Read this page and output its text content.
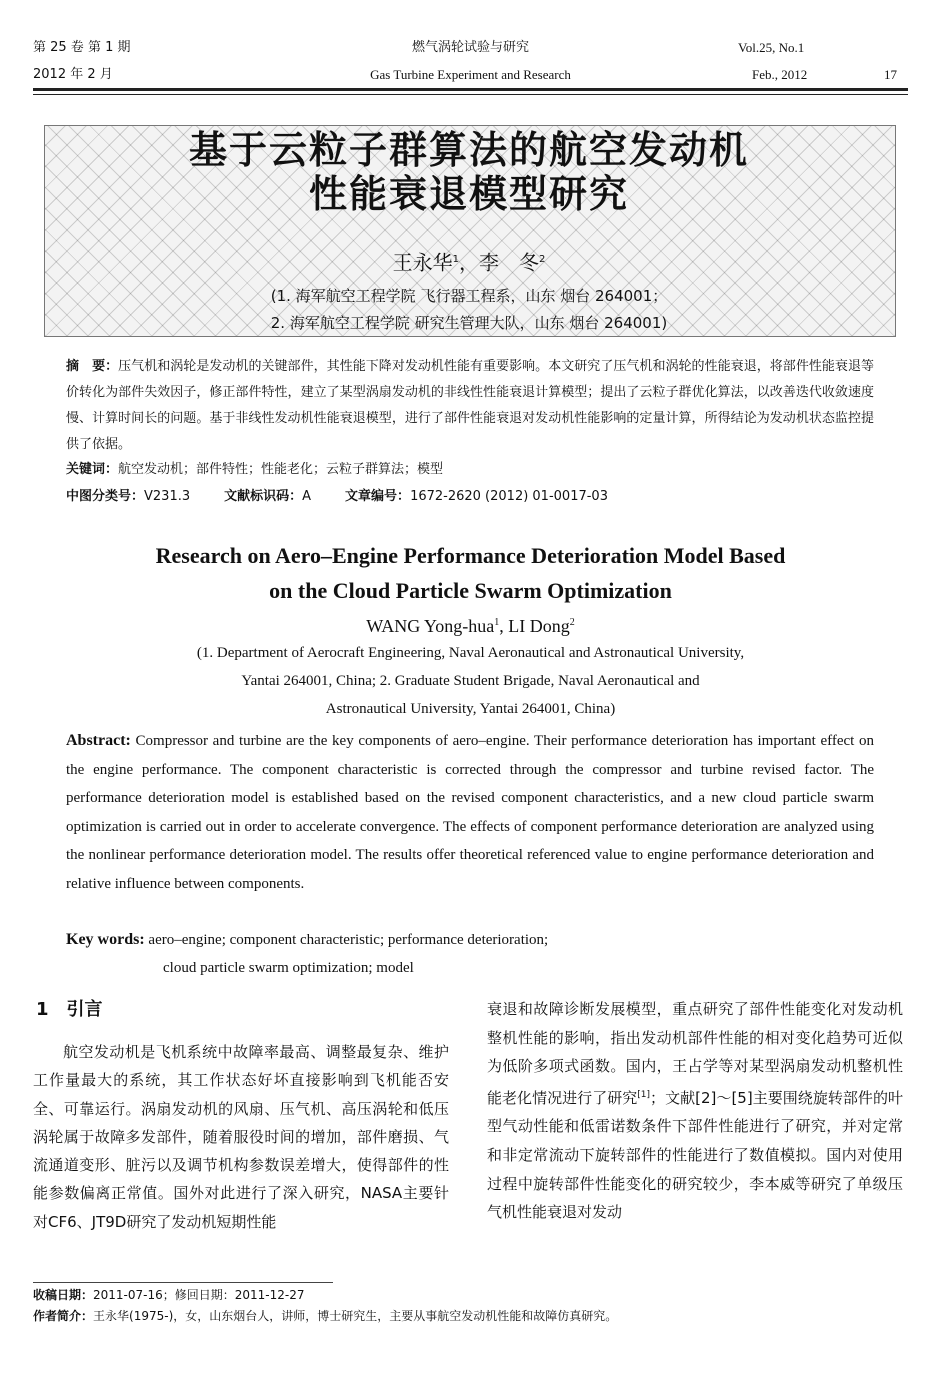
第 25 卷 第 1 期
2012 年 2 月
燃气涡轮试验与研究
Gas Turbine Experiment and Research
Vol.25, No.1
Feb., 2012	17
基于云粒子群算法的航空发动机
性能衰退模型研究
王永华$^1$，李　冬$^2$
(1. 海军航空工程学院 飞行器工程系，山东 烟台 264001；
2. 海军航空工程学院 研究生管理大队，山东 烟台 264001)
摘　要：压气机和涡轮是发动机的关键部件，其性能下降对发动机性能有重要影响。本文研究了压气机和涡轮的性能衰退，将部件性能衰退等价转化为部件失效因子，修正部件特性，建立了某型涡扇发动机的非线性性能衰退计算模型；提出了云粒子群优化算法，以改善迭代收敛速度慢、计算时间长的问题。基于非线性发动机性能衰退模型，进行了部件性能衰退对发动机性能影响的定量计算，所得结论为发动机状态监控提供了依据。
关键词：航空发动机；部件特性；性能老化；云粒子群算法；模型
中图分类号：V231.3	文献标识码：A	文章编号：1672-2620 (2012) 01-0017-03
Research on Aero–Engine Performance Deterioration Model Based
on the Cloud Particle Swarm Optimization
WANG Yong-hua$^1$, LI Dong$^2$
(1. Department of Aerocraft Engineering, Naval Aeronautical and Astronautical University,
Yantai 264001, China; 2. Graduate Student Brigade, Naval Aeronautical and
Astronautical University, Yantai 264001, China)
Abstract: Compressor and turbine are the key components of aero–engine. Their performance deterioration has important effect on the engine performance. The component characteristic is corrected through the compressor and turbine revised factor. The performance deterioration model is established based on the revised component characteristics, and a new cloud particle swarm optimization is carried out in order to accelerate convergence. The effects of component performance deterioration are analyzed using the nonlinear performance deterioration model. The results offer theoretical referenced value to engine performance deterioration and relative influence between components.
Key words: aero–engine; component characteristic; performance deterioration;
cloud particle swarm optimization; model
1　引言
航空发动机是飞机系统中故障率最高、调整最复杂、维护工作量最大的系统，其工作状态好坏直接影响到飞机能否安全、可靠运行。涡扇发动机的风扇、压气机、高压涡轮和低压涡轮属于故障多发部件，随着服役时间的增加，部件磨损、气流通道变形、脏污以及调节机构参数误差增大，使得部件的性能参数偏离正常值。国外对此进行了深入研究，NASA主要针对CF6、JT9D研究了发动机短期性能
衰退和故障诊断发展模型，重点研究了部件性能变化对发动机整机性能的影响，指出发动机部件性能的相对变化趋势可近似为低阶多项式函数。国内，王占学等对某型涡扇发动机整机性能老化情况进行了研究[1]；文献[2]～[5]主要围绕旋转部件的叶型气动性能和低雷诺数条件下部件性能进行了研究，并对定常和非定常流动下旋转部件的性能进行了数值模拟。国内对使用过程中旋转部件性能变化的研究较少，李本威等研究了单级压气机性能衰退对发动
收稿日期：2011-07-16；修回日期：2011-12-27
作者简介：王永华(1975-)，女，山东烟台人，讲师，博士研究生，主要从事航空发动机性能和故障仿真研究。
